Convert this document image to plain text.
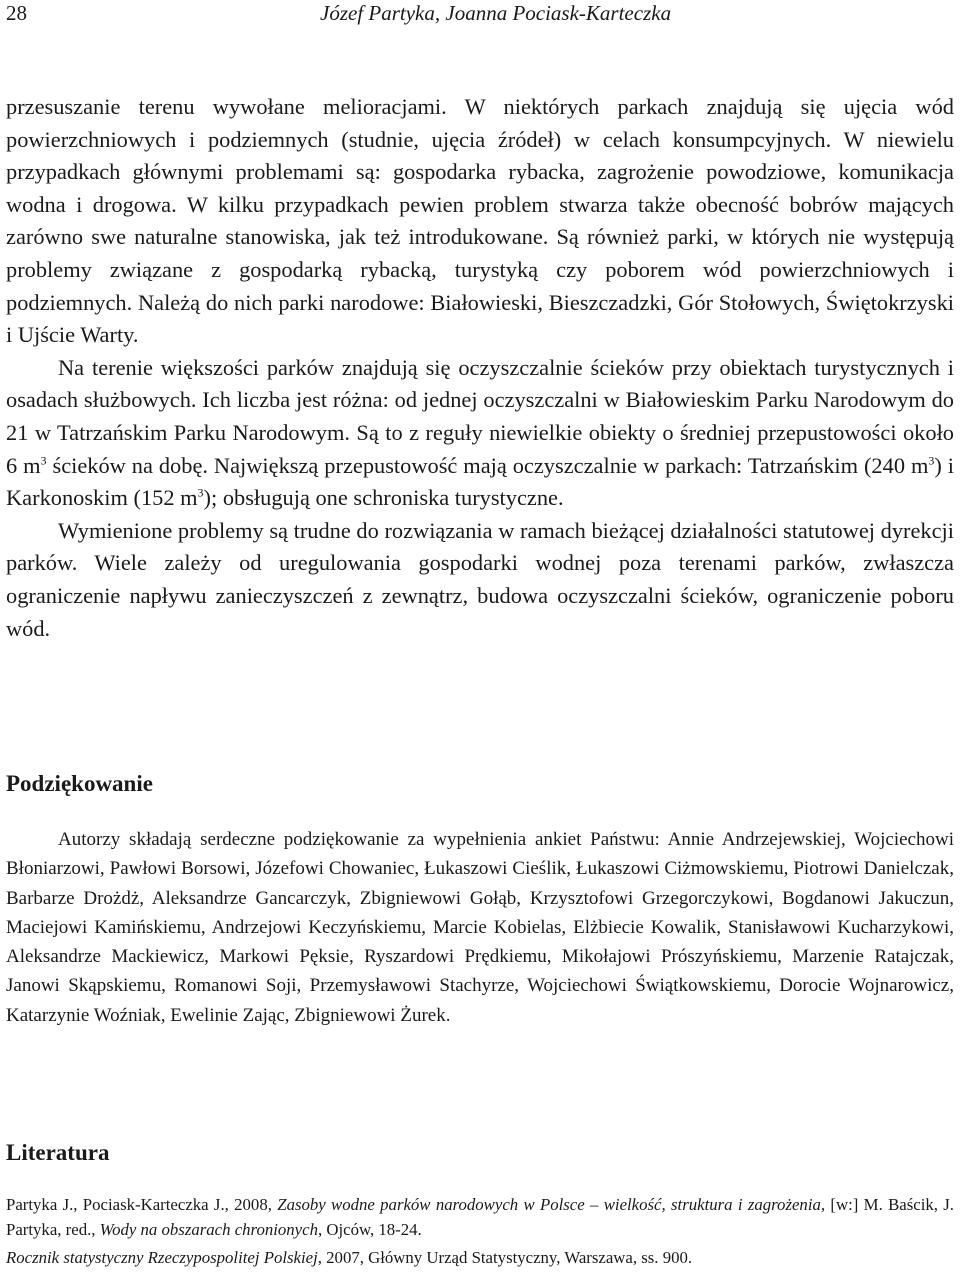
28	Józef Partyka, Joanna Pociask-Karteczka

przesuszanie terenu wywołane melioracjami. W niektórych parkach znajdują się ujęcia wód powierzchniowych i podziemnych (studnie, ujęcia źródeł) w celach konsumpcyjnych. W niewielu przypadkach głównymi problemami są: gospodarka rybacka, zagrożenie powodziowe, komunikacja wodna i drogowa. W kilku przypadkach pewien problem stwarza także obecność bobrów mających zarówno swe naturalne stanowiska, jak też introdukowane. Są również parki, w których nie występują problemy związane z gospodarką rybacką, turystyką czy poborem wód powierzchniowych i podziemnych. Należą do nich parki narodowe: Białowieski, Bieszczadzki, Gór Stołowych, Świętokrzyski i Ujście Warty.

Na terenie większości parków znajdują się oczyszczalnie ścieków przy obiektach turystycznych i osadach służbowych. Ich liczba jest różna: od jednej oczyszczalni w Białowieskim Parku Narodowym do 21 w Tatrzańskim Parku Narodowym. Są to z reguły niewielkie obiekty o średniej przepustowości około 6 $m^3$ ścieków na dobę. Największą przepustowość mają oczyszczalnie w parkach: Tatrzańskim (240 $m^3$) i Karkonoskim (152 $m^3$); obsługują one schroniska turystyczne.

Wymienione problemy są trudne do rozwiązania w ramach bieżącej działalności statutowej dyrekcji parków. Wiele zależy od uregulowania gospodarki wodnej poza terenami parków, zwłaszcza ograniczenie napływu zanieczyszczeń z zewnątrz, budowa oczyszczalni ścieków, ograniczenie poboru wód.

Podziękowanie

Autorzy składają serdeczne podziękowanie za wypełnienia ankiet Państwu: Annie Andrzejewskiej, Wojciechowi Błoniarzowi, Pawłowi Borsowi, Józefowi Chowaniec, Łukaszowi Cieślik, Łukaszowi Ciżmowskiemu, Piotrowi Danielczak, Barbarze Drożdż, Aleksandrze Gancarczyk, Zbigniewowi Gołąb, Krzysztofowi Grzegorczykowi, Bogdanowi Jakuczun, Maciejowi Kamińskiemu, Andrzejowi Keczyńskiemu, Marcie Kobielas, Elżbiecie Kowalik, Stanisławowi Kucharzykowi, Aleksandrze Mackiewicz, Markowi Pęksie, Ryszardowi Prędkiemu, Mikołajowi Prószyńskiemu, Marzenie Ratajczak, Janowi Skąpskiemu, Romanowi Soji, Przemysławowi Stachyrze, Wojciechowi Świątkowskiemu, Dorocie Wojnarowicz, Katarzynie Woźniak, Ewelinie Zając, Zbigniewowi Żurek.

Literatura

Partyka J., Pociask-Karteczka J., 2008, Zasoby wodne parków narodowych w Polsce – wielkość, struktura i zagrożenia, [w:] M. Baścik, J. Partyka, red., Wody na obszarach chronionych, Ojców, 18-24.

Rocznik statystyczny Rzeczypospolitej Polskiej, 2007, Główny Urząd Statystyczny, Warszawa, ss. 900.
